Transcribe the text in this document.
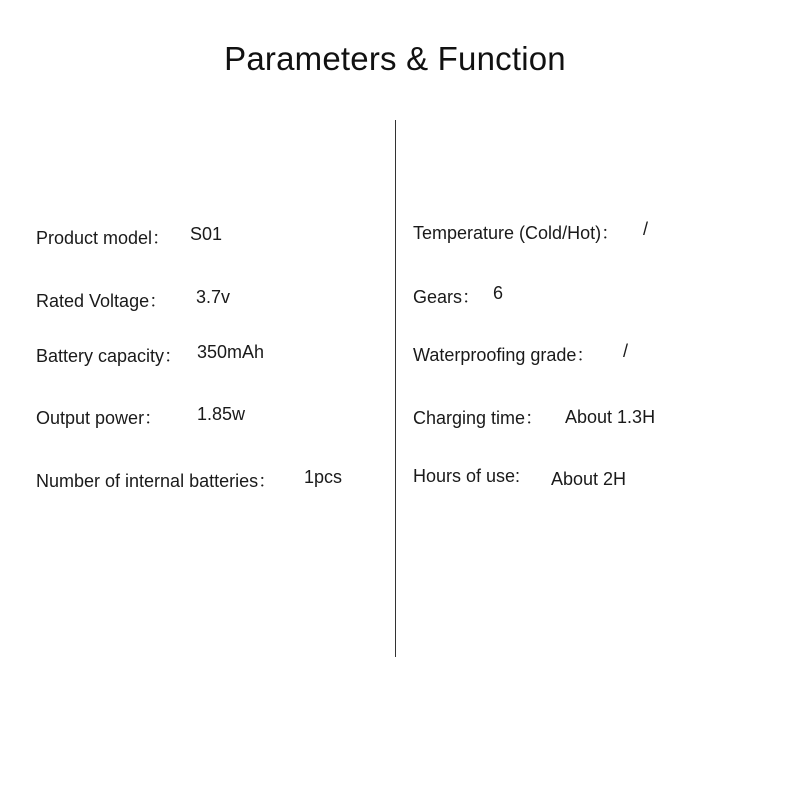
Parameters & Function
Product model： S01
Rated Voltage： 3.7v
Battery capacity： 350mAh
Output power： 1.85w
Number of internal batteries： 1pcs
Temperature (Cold/Hot)： /
Gears： 6
Waterproofing grade： /
Charging time： About 1.3H
Hours of use: About 2H
